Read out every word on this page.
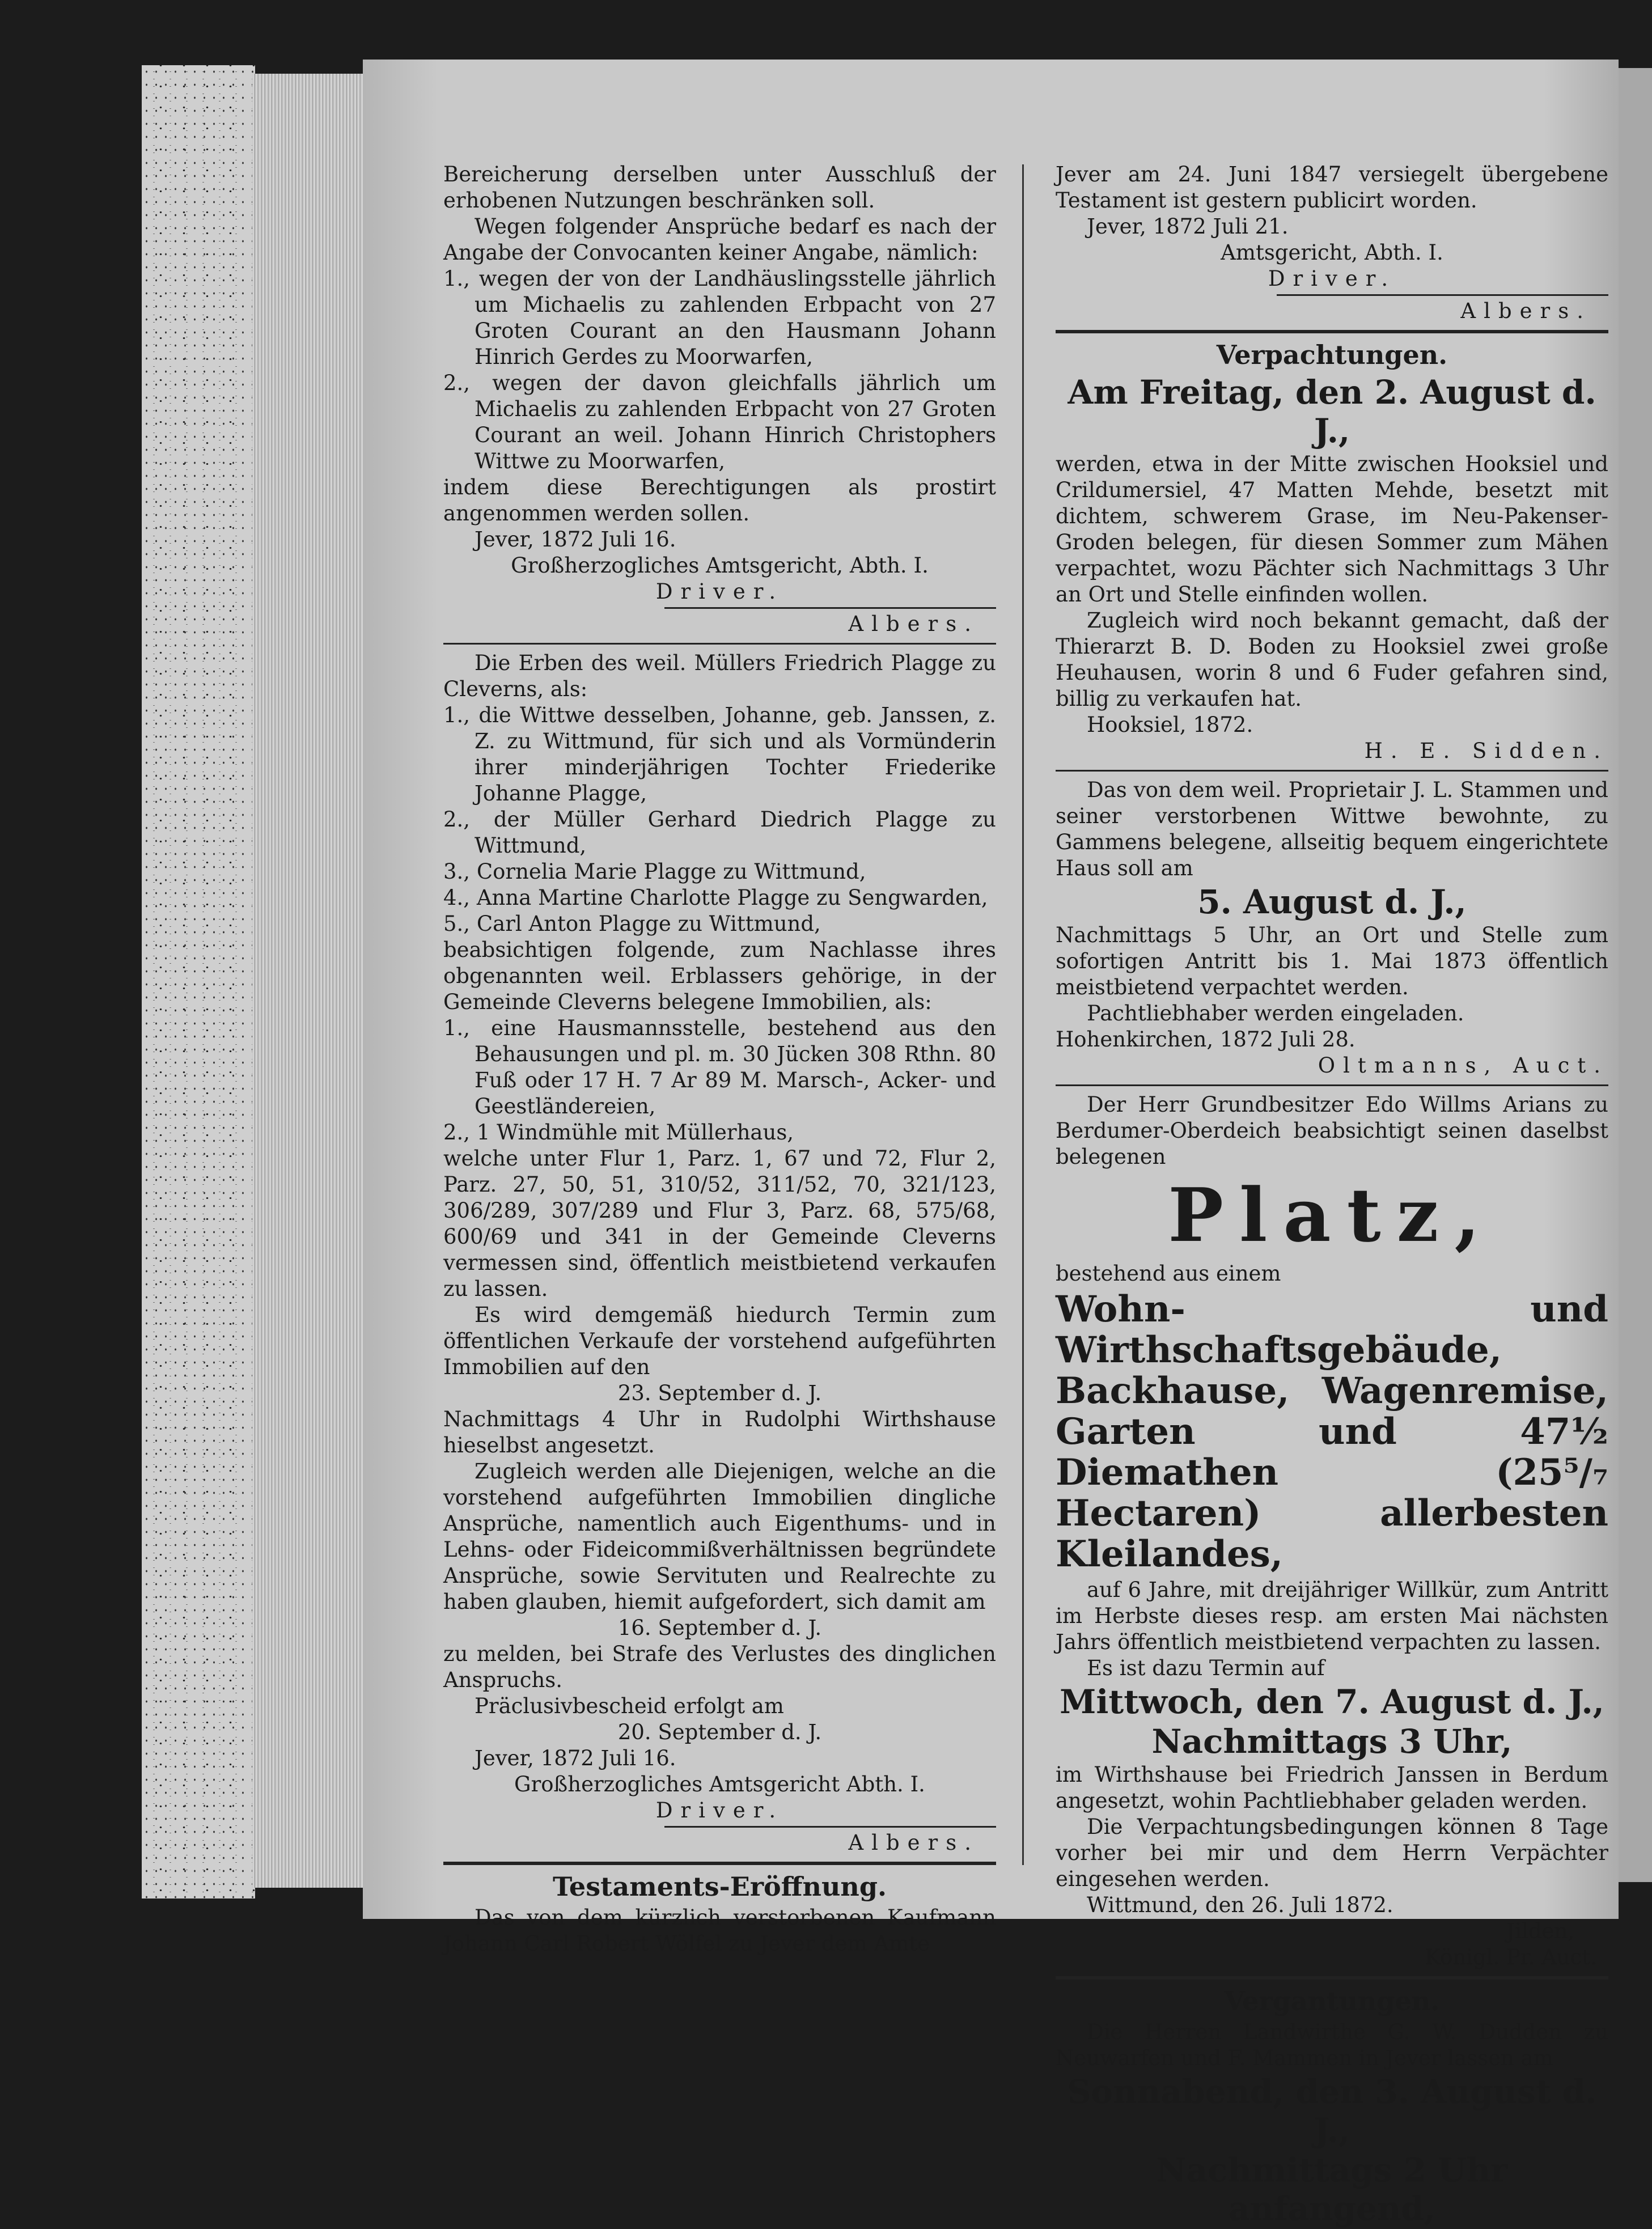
Bereicherung derselben unter Ausschluß der erhobenen Nutzungen beschränken soll.

Wegen folgender Ansprüche bedarf es nach der Angabe der Convocanten keiner Angabe, nämlich:

1., wegen der von der Landhäuslingsstelle jährlich um Michaelis zu zahlenden Erbpacht von 27 Groten Courant an den Hausmann Johann Hinrich Gerdes zu Moorwarfen,

2., wegen der davon gleichfalls jährlich um Michaelis zu zahlenden Erbpacht von 27 Groten Courant an weil. Johann Hinrich Christophers Wittwe zu Moorwarfen,

indem diese Berechtigungen als prostirt angenommen werden sollen.

Jever, 1872 Juli 16.

Großherzogliches Amtsgericht, Abth. I.

Driver.

Albers.

Die Erben des weil. Müllers Friedrich Plagge zu Cleverns, als:

1., die Wittwe desselben, Johanne, geb. Janssen, z. Z. zu Wittmund, für sich und als Vormünderin ihrer minderjährigen Tochter Friederike Johanne Plagge,

2., der Müller Gerhard Diedrich Plagge zu Wittmund,

3., Cornelia Marie Plagge zu Wittmund,

4., Anna Martine Charlotte Plagge zu Sengwarden,

5., Carl Anton Plagge zu Wittmund,

beabsichtigen folgende, zum Nachlasse ihres obgenannten weil. Erblassers gehörige, in der Gemeinde Cleverns belegene Immobilien, als:

1., eine Hausmannsstelle, bestehend aus den Behausungen und pl. m. 30 Jücken 308 Rthn. 80 Fuß oder 17 H. 7 Ar 89 M. Marsch-, Acker- und Geestländereien,

2., 1 Windmühle mit Müllerhaus,

welche unter Flur 1, Parz. 1, 67 und 72, Flur 2, Parz. 27, 50, 51, 310/52, 311/52, 70, 321/123, 306/289, 307/289 und Flur 3, Parz. 68, 575/68, 600/69 und 341 in der Gemeinde Cleverns vermessen sind, öffentlich meistbietend verkaufen zu lassen.

Es wird demgemäß hiedurch Termin zum öffentlichen Verkaufe der vorstehend aufgeführten Immobilien auf den

23. September d. J.

Nachmittags 4 Uhr in Rudolphi Wirthshause hieselbst angesetzt.

Zugleich werden alle Diejenigen, welche an die vorstehend aufgeführten Immobilien dingliche Ansprüche, namentlich auch Eigenthums- und in Lehns- oder Fideicommißverhältnissen begründete Ansprüche, sowie Servituten und Realrechte zu haben glauben, hiemit aufgefordert, sich damit am

16. September d. J.

zu melden, bei Strafe des Verlustes des dinglichen Anspruchs.

Präclusivbescheid erfolgt am

20. September d. J.

Jever, 1872 Juli 16.

Großherzogliches Amtsgericht Abth. I.

Driver.

Albers.

Testaments-Eröffnung.

Das von dem kürzlich verstorbenen Kaufmann Johann Carl Robert Wölfel zu Jever dem Amte

Jever am 24. Juni 1847 versiegelt übergebene Testament ist gestern publicirt worden.

Jever, 1872 Juli 21.

Amtsgericht, Abth. I.

Driver.

Albers.

Verpachtungen.

Am Freitag, den 2. August d. J.,

werden, etwa in der Mitte zwischen Hooksiel und Crildumersiel, 47 Matten Mehde, besetzt mit dichtem, schwerem Grase, im Neu-Pakenser-Groden belegen, für diesen Sommer zum Mähen verpachtet, wozu Pächter sich Nachmittags 3 Uhr an Ort und Stelle einfinden wollen.

Zugleich wird noch bekannt gemacht, daß der Thierarzt B. D. Boden zu Hooksiel zwei große Heuhausen, worin 8 und 6 Fuder gefahren sind, billig zu verkaufen hat.

Hooksiel, 1872.

H. E. Sidden.

Das von dem weil. Proprietair J. L. Stammen und seiner verstorbenen Wittwe bewohnte, zu Gammens belegene, allseitig bequem eingerichtete Haus soll am

5. August d. J.,

Nachmittags 5 Uhr, an Ort und Stelle zum sofortigen Antritt bis 1. Mai 1873 öffentlich meistbietend verpachtet werden.

Pachtliebhaber werden eingeladen.

Hohenkirchen, 1872 Juli 28.

Oltmanns, Auct.

Der Herr Grundbesitzer Edo Willms Arians zu Berdumer-Oberdeich beabsichtigt seinen daselbst belegenen

Platz,

bestehend aus einem

Wohn- und Wirthschaftsgebäude, Backhause, Wagenremise, Garten und 47½ Diemathen (25⁵/₇ Hectaren) allerbesten Kleilandes,

auf 6 Jahre, mit dreijähriger Willkür, zum Antritt im Herbste dieses resp. am ersten Mai nächsten Jahrs öffentlich meistbietend verpachten zu lassen.

Es ist dazu Termin auf

Mittwoch, den 7. August d. J.,

Nachmittags 3 Uhr,

im Wirthshause bei Friedrich Janssen in Berdum angesetzt, wohin Pachtliebhaber geladen werden.

Die Verpachtungsbedingungen können 8 Tage vorher bei mir und dem Herrn Verpächter eingesehen werden.

Wittmund, den 26. Juli 1872.

Jilden,

Königl. Pr. Auct.

Vergantungen.

Die Herren Landwirthe G. W. Dudden zu Neuwarfen und F. Mammen in Jever lassen am

Sonnabend, den 3. August d. J.,

Nachmittags 2 Uhr anfangend,
